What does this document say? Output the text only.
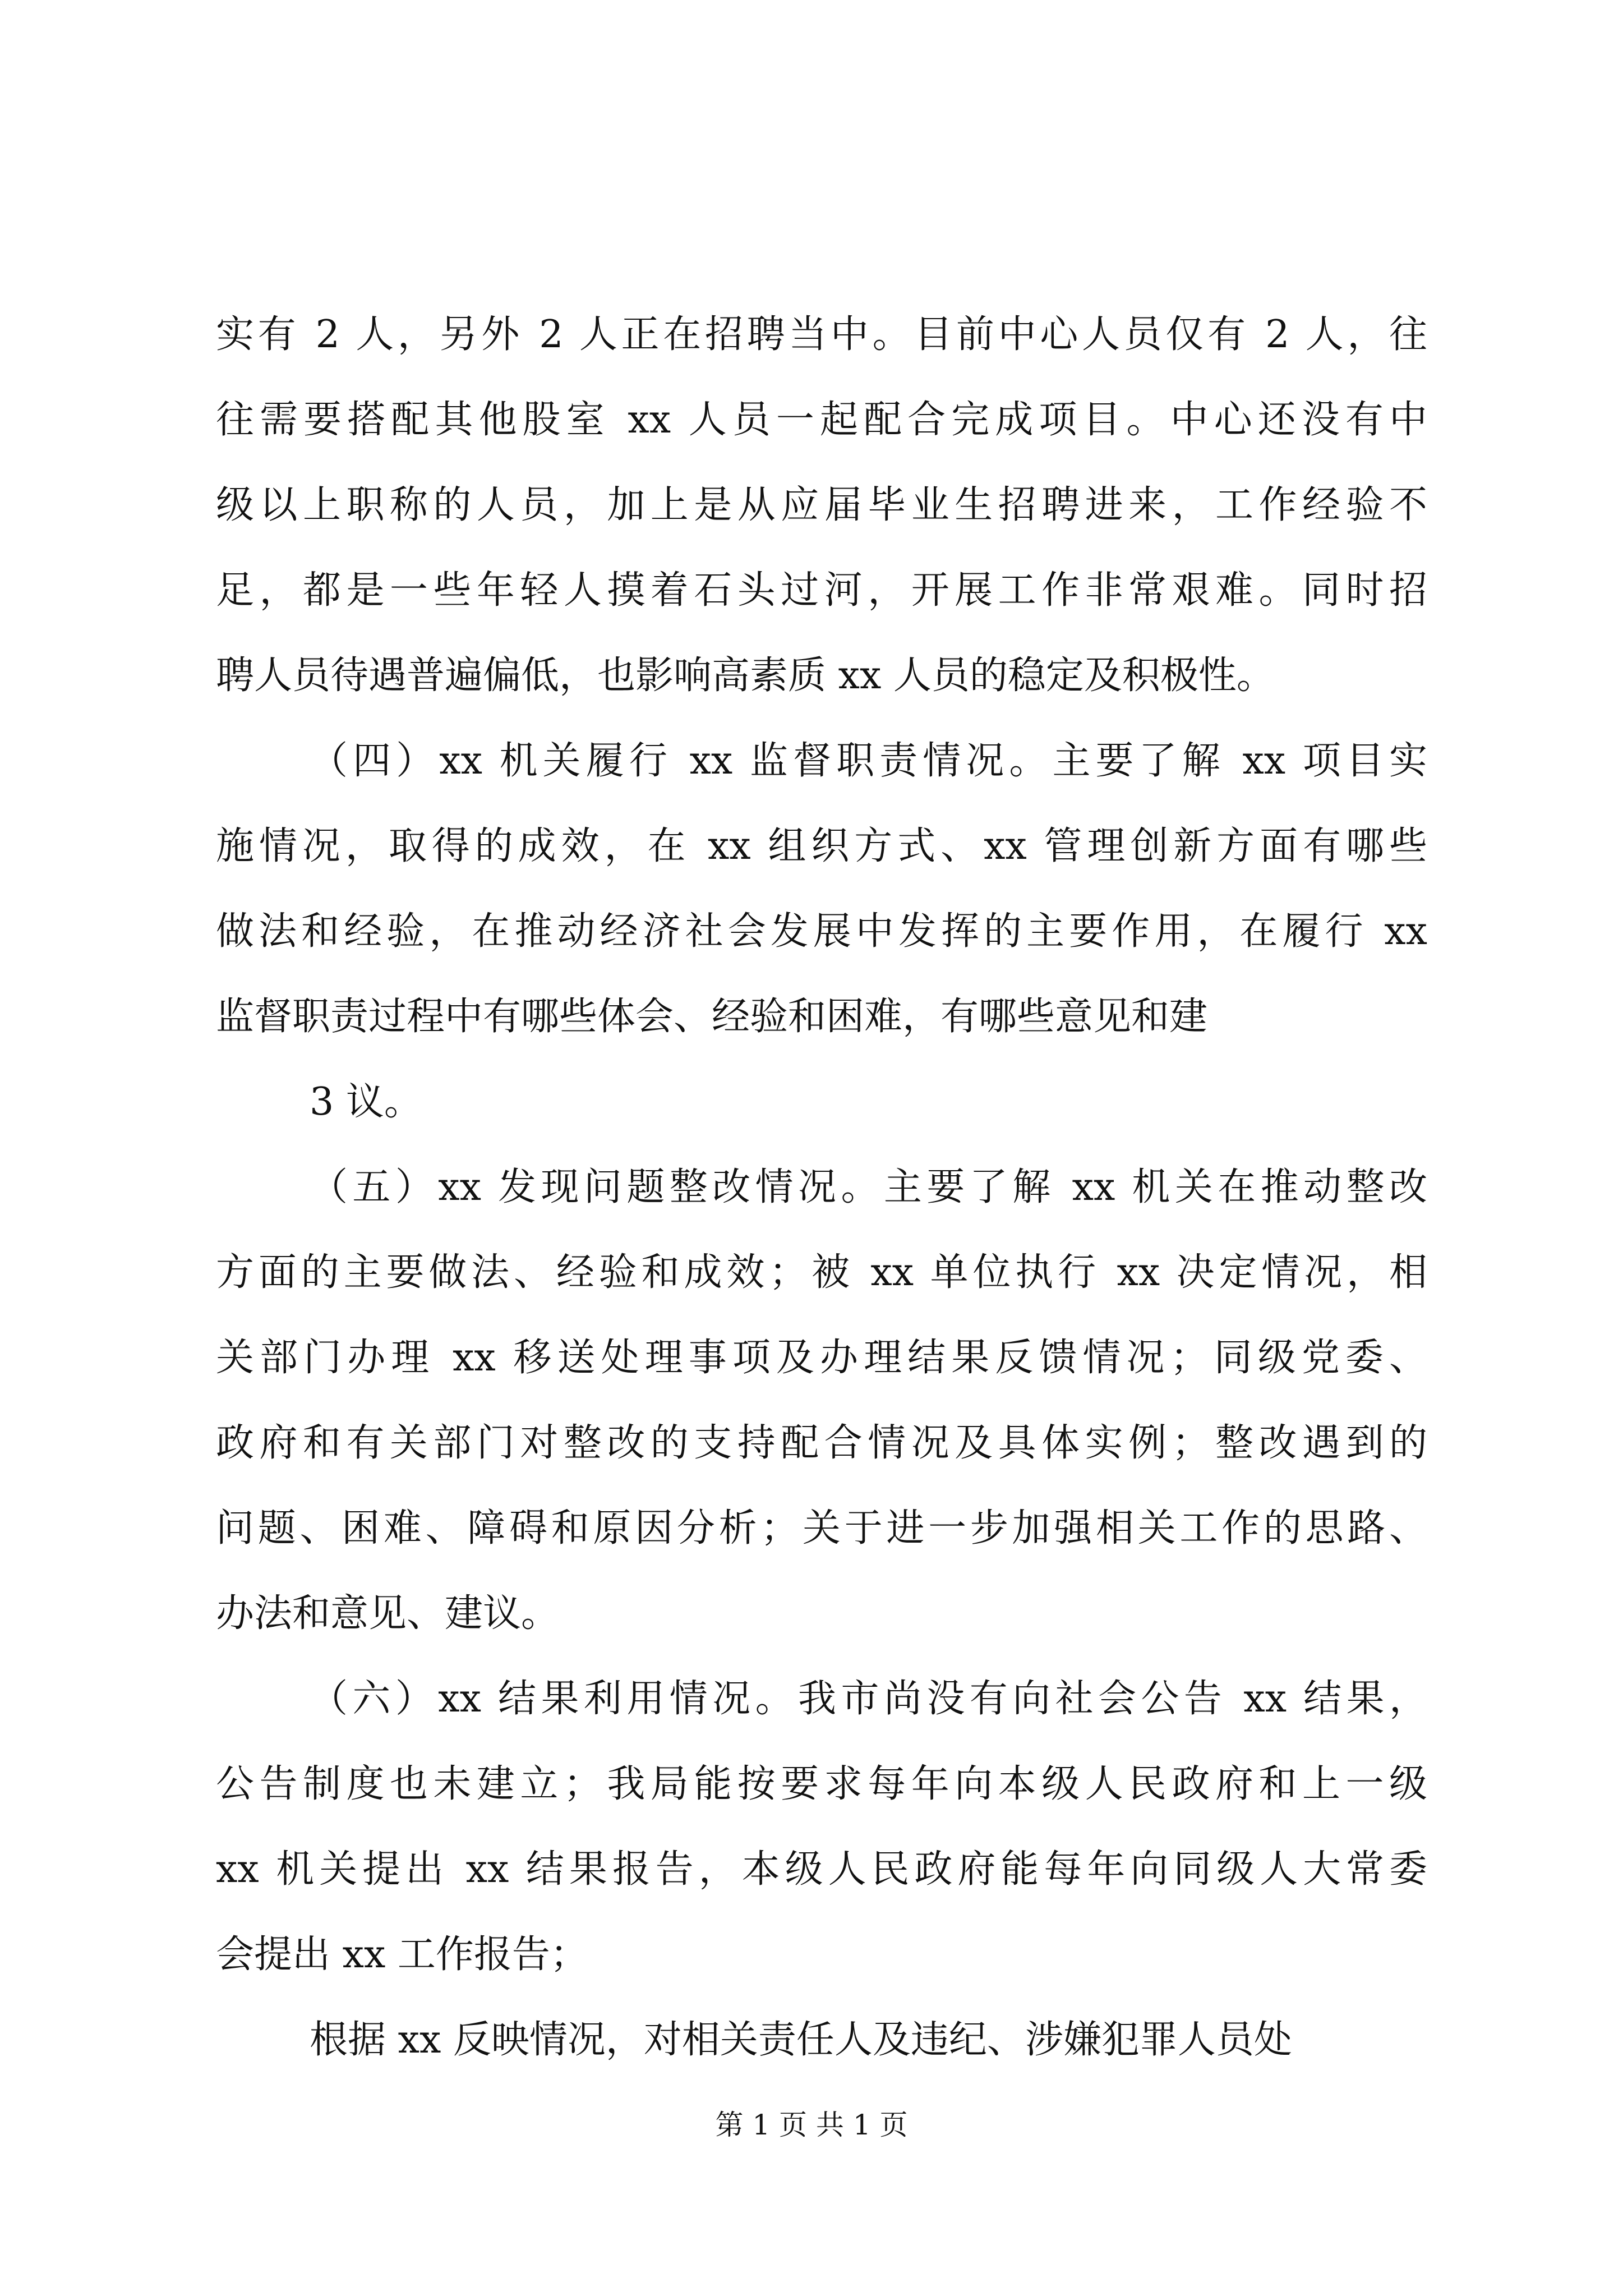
实有 2 人，另外 2 人正在招聘当中。目前中心人员仅有 2 人，往
往需要搭配其他股室 xx 人员一起配合完成项目。中心还没有中
级以上职称的人员，加上是从应届毕业生招聘进来，工作经验不
足，都是一些年轻人摸着石头过河，开展工作非常艰难。同时招
聘人员待遇普遍偏低，也影响高素质 xx 人员的稳定及积极性。
（四）xx 机关履行 xx 监督职责情况。主要了解 xx 项目实
施情况，取得的成效，在 xx 组织方式、xx 管理创新方面有哪些
做法和经验，在推动经济社会发展中发挥的主要作用，在履行 xx
监督职责过程中有哪些体会、经验和困难，有哪些意见和建
3 议。
（五）xx 发现问题整改情况。主要了解 xx 机关在推动整改
方面的主要做法、经验和成效；被 xx 单位执行 xx 决定情况，相
关部门办理 xx 移送处理事项及办理结果反馈情况；同级党委、
政府和有关部门对整改的支持配合情况及具体实例；整改遇到的
问题、困难、障碍和原因分析；关于进一步加强相关工作的思路、
办法和意见、建议。
（六）xx 结果利用情况。我市尚没有向社会公告 xx 结果，
公告制度也未建立；我局能按要求每年向本级人民政府和上一级
xx 机关提出 xx 结果报告，本级人民政府能每年向同级人大常委
会提出 xx 工作报告；
根据 xx 反映情况，对相关责任人及违纪、涉嫌犯罪人员处
第 1 页 共 1 页
